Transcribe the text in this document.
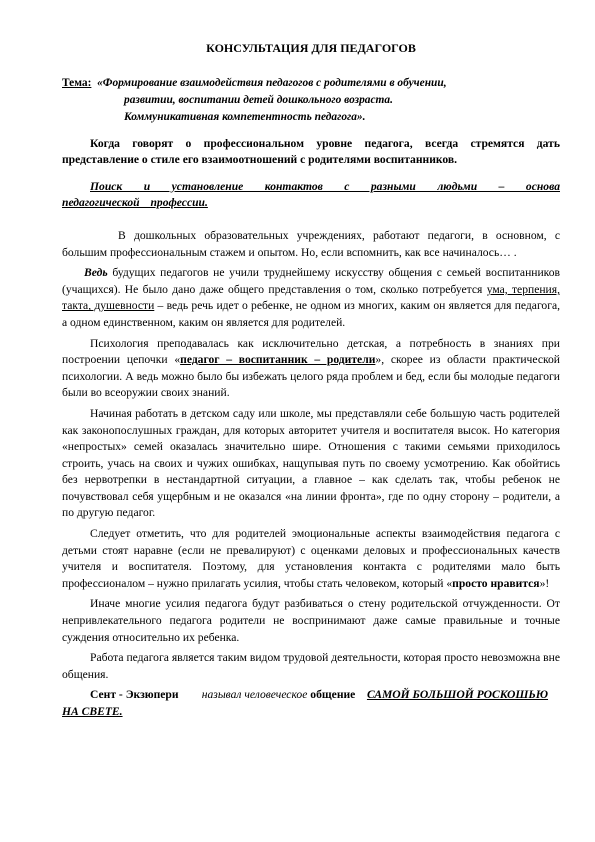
КОНСУЛЬТАЦИЯ ДЛЯ ПЕДАГОГОВ
Тема: «Формирование взаимодействия педагогов с родителями в обучении,
развитии, воспитании детей дошкольного возраста.
Коммуникативная компетентность педагога».

Когда говорят о профессиональном уровне педагога, всегда стремятся дать представление о стиле его взаимоотношений с родителями воспитанников.

Поиск и установление контактов с разными людьми – основа педагогической профессии.

В дошкольных образовательных учреждениях, работают педагоги, в основном, с большим профессиональным стажем и опытом. Но, если вспомнить, как все начиналось… .

Ведь будущих педагогов не учили труднейшему искусству общения с семьей воспитанников (учащихся). Не было дано даже общего представления о том, сколько потребуется ума, терпения, такта, душевности – ведь речь идет о ребенке, не одном из многих, каким он является для педагога, а одном единственном, каким он является для родителей.

Психология преподавалась как исключительно детская, а потребность в знаниях при построении цепочки «педагог – воспитанник – родители», скорее из области практической психологии. А ведь можно было бы избежать целого ряда проблем и бед, если бы молодые педагоги были во всеоружии своих знаний.

Начиная работать в детском саду или школе, мы представляли себе большую часть родителей как законопослушных граждан, для которых авторитет учителя и воспитателя высок. Но категория «непростых» семей оказалась значительно шире. Отношения с такими семьями приходилось строить, учась на своих и чужих ошибках, нащупывая путь по своему усмотрению. Как обойтись без нервотрепки в нестандартной ситуации, а главное – как сделать так, чтобы ребенок не почувствовал себя ущербным и не оказался «на линии фронта», где по одну сторону – родители, а по другую педагог.

Следует отметить, что для родителей эмоциональные аспекты взаимодействия педагога с детьми стоят наравне (если не превалируют) с оценками деловых и профессиональных качеств учителя и воспитателя. Поэтому, для установления контакта с родителями мало быть профессионалом – нужно прилагать усилия, чтобы стать человеком, который «просто нравится»!

Иначе многие усилия педагога будут разбиваться о стену родительской отчужденности. От непривлекательного педагога родители не воспринимают даже самые правильные и точные суждения относительно их ребенка.

Работа педагога является таким видом трудовой деятельности, которая просто невозможна вне общения.

Сент - Экзюпери называл человеческое общение САМОЙ БОЛЬШОЙ РОСКОШЬЮ НА СВЕТЕ.
